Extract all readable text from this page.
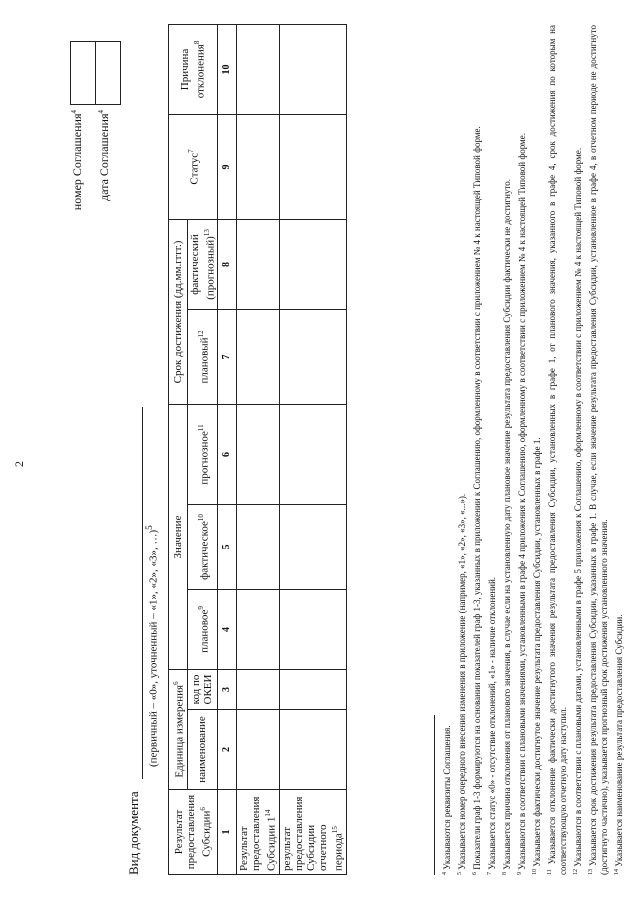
2

номер Соглашения$^4$
дата Соглашения$^4$
Вид документа
(первичный – «0», уточненный – «1», «2», «3», …)$^5$
Результат предоставления Субсидии$^6$	Единица измерения$^6$		Значение			Срок достижения (дд.мм.гггг.)		Статус$^7$	Причина отклонения$^8$
	наименование	код по ОКЕИ	плановое$^9$	фактическое$^{10}$	прогнозное$^{11}$	плановый$^{12}$	фактический (прогнозный)$^{13}$
1	2	3	4	5	6	7	8	9	10
Результат предоставления Субсидии $1^{14}$									
результат предоставления Субсидии отчетного периода$^{15}$									

$^4$ Указываются реквизиты Соглашения.

$^5$ Указывается номер очередного внесения изменения в приложение (например, «1», «2», «3», «...»).

$^6$ Показатели граф 1-3 формируются на основании показателей граф 1-3, указанных в приложении к Соглашению, оформленному в соответствии с приложением № 4 к настоящей Типовой форме.

$^7$ Указывается статус «0» - отсутствие отклонений, «1» - наличие отклонений.

$^8$ Указывается причина отклонения от планового значения, в случае если на установленную дату плановое значение результата предоставления Субсидии фактически не достигнуто.

$^9$ Указываются в соответствии с плановыми значениями, установленными в графе 4 приложения к Соглашению, оформленному в соответствии с приложением № 4 к настоящей Типовой форме.

$^{10}$ Указывается фактически достигнутое значение результата предоставления Субсидии, установленных в графе 1.

$^{11}$ Указывается отклонение фактически достигнутого значения результата предоставления Субсидии, установленных в графе 1, от планового значения, указанного в графе 4, срок достижения по которым на соответствующую отчетную дату наступил. $^{12}$ Указываются в соответствии с плановыми датами, установленными в графе 5 приложения к Соглашению, оформленному в соответствии с приложением № 4 к настоящей Типовой форме.

$^{13}$ Указывается срок достижения результата предоставления Субсидии, указанных в графе 1. В случае, если значение результата предоставления Субсидии, установленное в графе 4, в отчетном периоде не достигнуто (достигнуто частично), указывается прогнозный срок достижения установленного значения. $^{14}$ Указывается наименование результата предоставления Субсидии.
